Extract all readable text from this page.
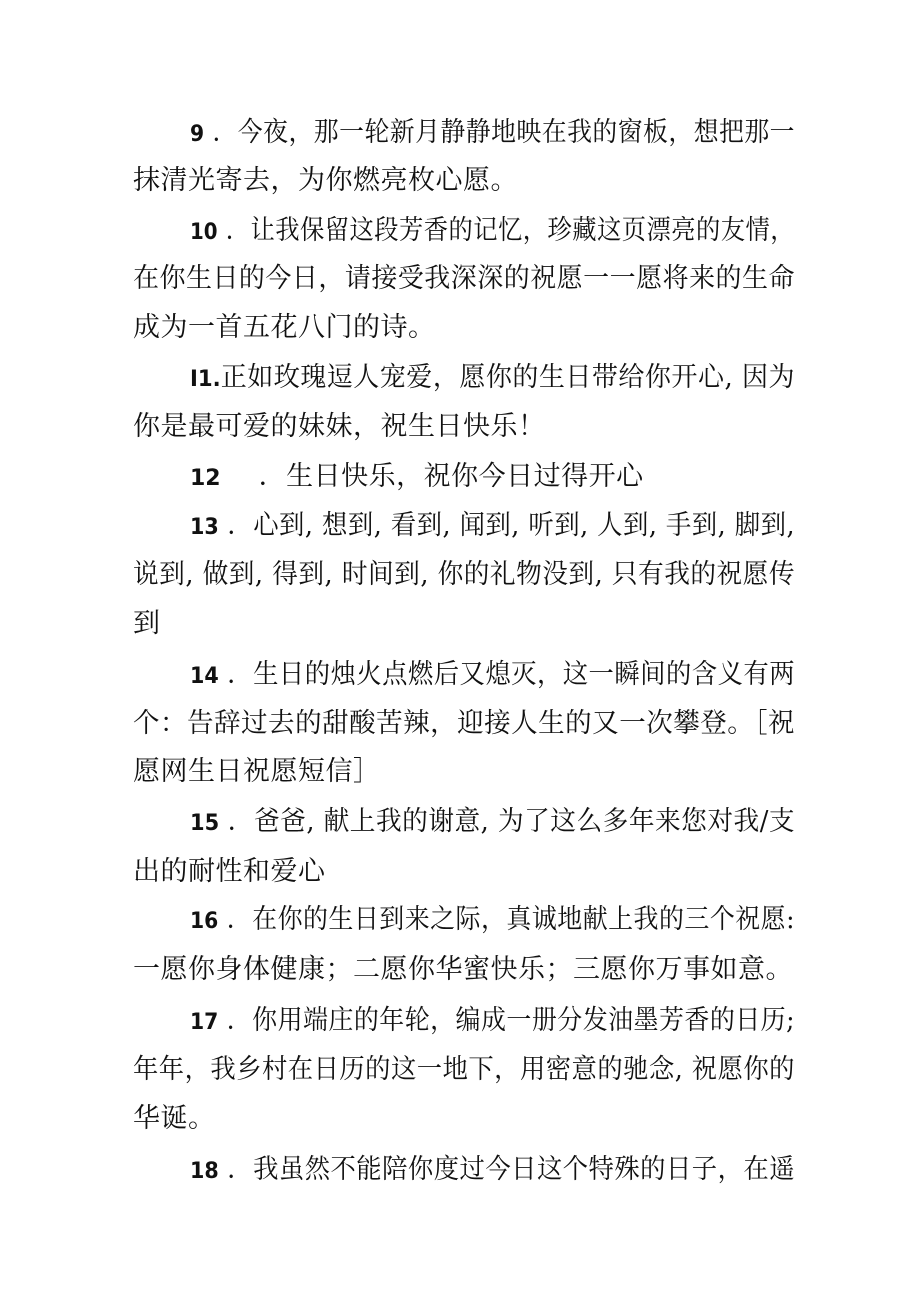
9 ．今夜，那一轮新月静静地映在我的窗板，想把那一
抹清光寄去，为你燃亮枚心愿。
10 ．让我保留这段芳香的记忆，珍藏这页漂亮的友情，
在你生日的今日，请接受我深深的祝愿一一愿将来的生命
成为一首五花八门的诗。
I1.正如玫瑰逗人宠爱，愿你的生日带给你开心, 因为
你是最可爱的妹妹，祝生日快乐！
12 ．生日快乐，祝你今日过得开心
13 ．心到, 想到, 看到, 闻到, 听到, 人到, 手到, 脚到,
说到, 做到, 得到, 时间到, 你的礼物没到, 只有我的祝愿传
到
14 ．生日的烛火点燃后又熄灭，这一瞬间的含义有两
个：告辞过去的甜酸苦辣，迎接人生的又一次攀登。［祝
愿网生日祝愿短信］
15 ．爸爸, 献上我的谢意, 为了这么多年来您对我/支
出的耐性和爱心
16 ．在你的生日到来之际，真诚地献上我的三个祝愿:
一愿你身体健康；二愿你华蜜快乐；三愿你万事如意。
17 ．你用端庄的年轮，编成一册分发油墨芳香的日历;
年年，我乡村在日历的这一地下，用密意的驰念, 祝愿你的
华诞。
18 ．我虽然不能陪你度过今日这个特殊的日子，在遥
